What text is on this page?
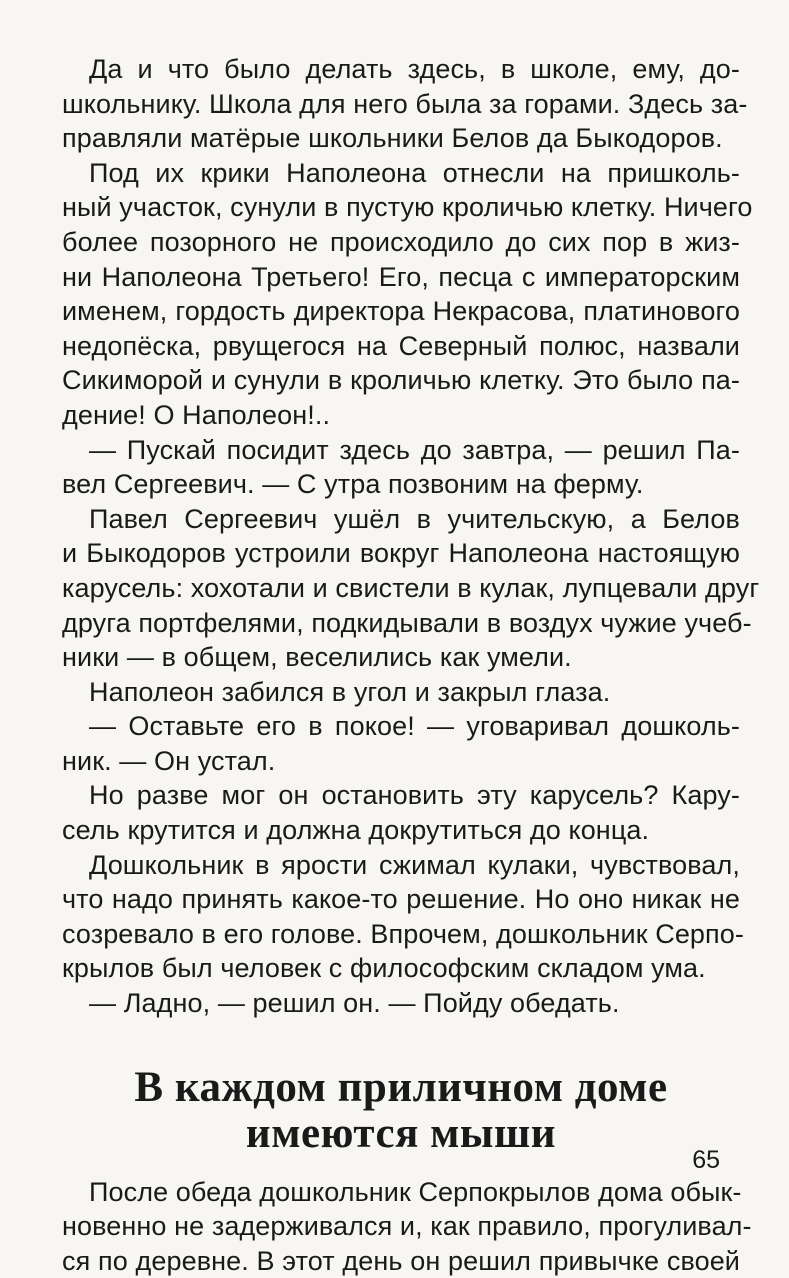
Да и что было делать здесь, в школе, ему, до-
школьнику. Школа для него была за горами. Здесь за-
правляли матёрые школьники Белов да Быкодоров.
Под их крики Наполеона отнесли на пришколь-
ный участок, сунули в пустую кроличью клетку. Ничего
более позорного не происходило до сих пор в жиз-
ни Наполеона Третьего! Его, песца с императорским
именем, гордость директора Некрасова, платинового
недопёска, рвущегося на Северный полюс, назвали
Сикиморой и сунули в кроличью клетку. Это было па-
дение! О Наполеон!..
— Пускай посидит здесь до завтра, — решил Па-
вел Сергеевич. — С утра позвоним на ферму.
Павел Сергеевич ушёл в учительскую, а Белов
и Быкодоров устроили вокруг Наполеона настоящую
карусель: хохотали и свистели в кулак, лупцевали друг
друга портфелями, подкидывали в воздух чужие учеб-
ники — в общем, веселились как умели.
Наполеон забился в угол и закрыл глаза.
— Оставьте его в покое! — уговаривал дошколь-
ник. — Он устал.
Но разве мог он остановить эту карусель? Кару-
сель крутится и должна докрутиться до конца.
Дошкольник в ярости сжимал кулаки, чувствовал,
что надо принять какое-то решение. Но оно никак не
созревало в его голове. Впрочем, дошкольник Серпо-
крылов был человек с философским складом ума.
— Ладно, — решил он. — Пойду обедать.
В каждом приличном доме
имеются мыши
После обеда дошкольник Серпокрылов дома обык-
новенно не задерживался и, как правило, прогуливал-
ся по деревне. В этот день он решил привычке своей
65
